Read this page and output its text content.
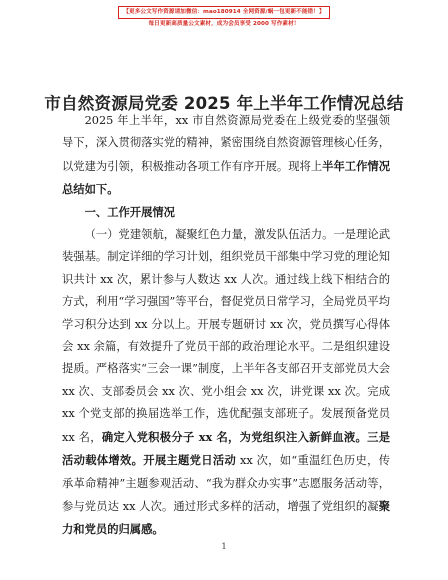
【更多公文写作资源请加微信：mao180914 全网资源/蜗一包更新不能错！】
每日更新高质量公文素材，成为会员享受 2000 写作素材！
市自然资源局党委 2025 年上半年工作情况总结

2025 年上半年，xx 市自然资源局党委在上级党委的坚强领导下，深入贯彻落实党的精神，紧密围绕自然资源管理核心任务，以党建为引领，积极推动各项工作有序开展。现将上半年工作情况总结如下。

一、工作开展情况

（一）党建领航，凝聚红色力量，激发队伍活力。一是理论武装强基。制定详细的学习计划，组织党员干部集中学习党的理论知识共计 xx 次，累计参与人数达 xx 人次。通过线上线下相结合的方式，利用“学习强国”等平台，督促党员日常学习，全局党员平均学习积分达到 xx 分以上。开展专题研讨 xx 次，党员撰写心得体会 xx 余篇，有效提升了党员干部的政治理论水平。二是组织建设提质。严格落实“三会一课”制度，上半年各支部召开支部党员大会 xx 次、支部委员会 xx 次、党小组会 xx 次，讲党课 xx 次。完成 xx 个党支部的换届选举工作，选优配强支部班子。发展预备党员 xx 名，确定入党积极分子 xx 名，为党组织注入新鲜血液。三是活动载体增效。开展主题党日活动 xx 次，如“重温红色历史，传承革命精神”主题参观活动、“我为群众办实事”志愿服务活动等，参与党员达 xx 人次。通过形式多样的活动，增强了党组织的凝聚力和党员的归属感。

1
